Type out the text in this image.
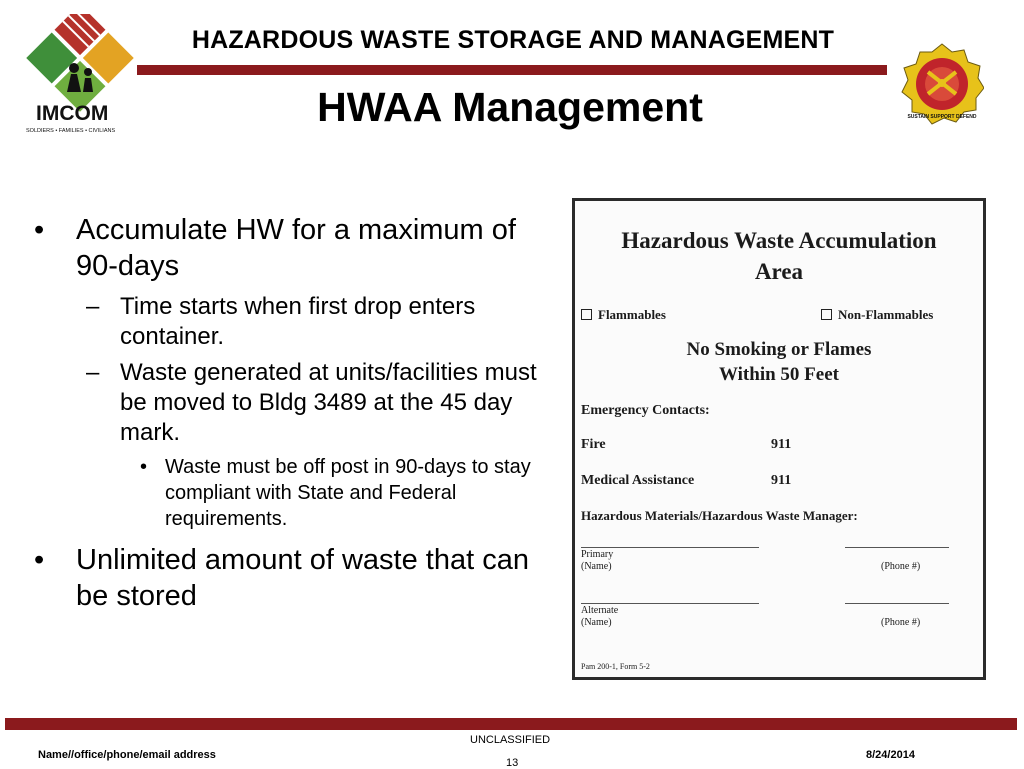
IMCOM
SOLDIERS • FAMILIES • CIVILIANS
HAZARDOUS WASTE STORAGE AND MANAGEMENT
SUSTAIN SUPPORT DEFEND
HWAA Management
• Accumulate HW for a maximum of 90-days
– Time starts when first drop enters container.
– Waste generated at units/facilities must be moved to Bldg 3489 at the 45 day mark.
• Waste must be off post in 90-days to stay compliant with State and Federal requirements.
• Unlimited amount of waste that can be stored
Hazardous Waste Accumulation
Area
Flammables	Non-Flammables
No Smoking or Flames
Within 50 Feet
Emergency Contacts:
Fire	911
Medical Assistance	911
Hazardous Materials/Hazardous Waste Manager:
Primary
(Name)	(Phone #)
Alternate
(Name)	(Phone #)
Pam 200-1, Form 5-2
UNCLASSIFIED
Name//office/phone/email address
13
8/24/2014
